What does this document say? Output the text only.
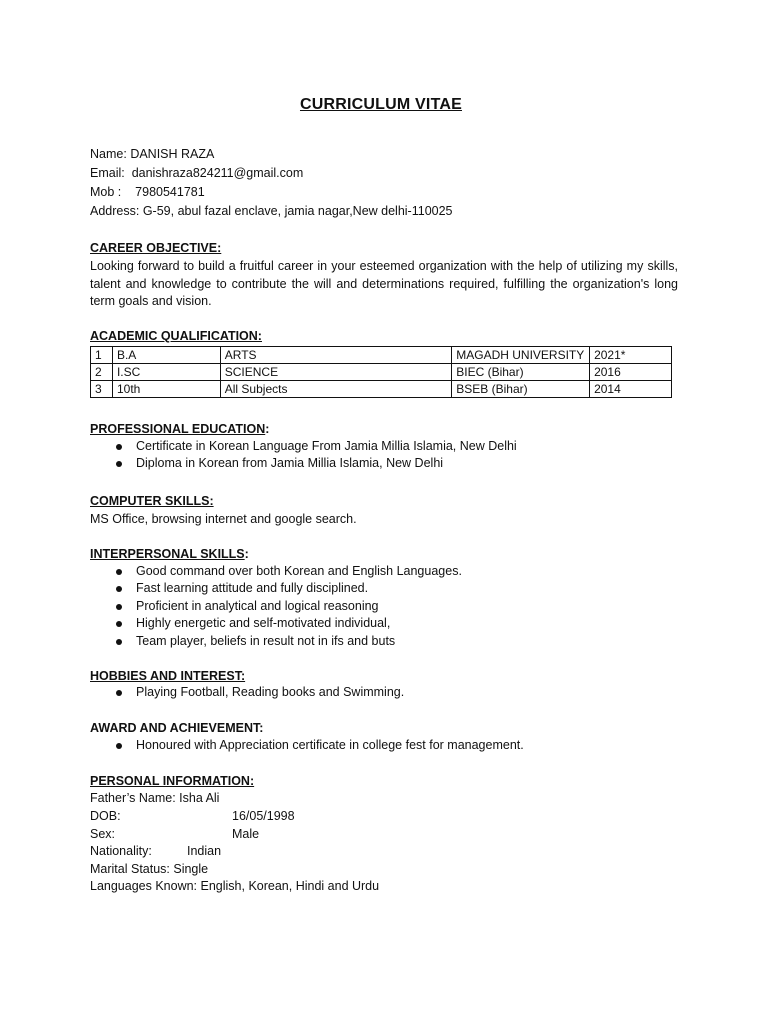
CURRICULUM VITAE
Name: DANISH RAZA
Email: danishraza824211@gmail.com
Mob : 7980541781
Address: G-59, abul fazal enclave, jamia nagar,New delhi-110025
CAREER OBJECTIVE:
Looking forward to build a fruitful career in your esteemed organization with the help of utilizing my skills, talent and knowledge to contribute the will and determinations required, fulfilling the organization's long term goals and vision.
ACADEMIC QUALIFICATION:
1	B.A	ARTS	MAGADH UNIVERSITY	2021*
2	I.SC	SCIENCE	BIEC (Bihar)	2016
3	10th	All Subjects	BSEB (Bihar)	2014
PROFESSIONAL EDUCATION:
Certificate in Korean Language From Jamia Millia Islamia, New Delhi
Diploma in Korean from Jamia Millia Islamia, New Delhi
COMPUTER SKILLS:
MS Office, browsing internet and google search.
INTERPERSONAL SKILLS:
Good command over both Korean and English Languages.
Fast learning attitude and fully disciplined.
Proficient in analytical and logical reasoning
Highly energetic and self-motivated individual,
Team player, beliefs in result not in ifs and buts
HOBBIES AND INTEREST:
Playing Football, Reading books and Swimming.
AWARD AND ACHIEVEMENT:
Honoured with Appreciation certificate in college fest for management.
PERSONAL INFORMATION:
Father’s Name: Isha Ali
DOB:	16/05/1998
Sex:	Male
Nationality:	Indian
Marital Status: Single
Languages Known: English, Korean, Hindi and Urdu
